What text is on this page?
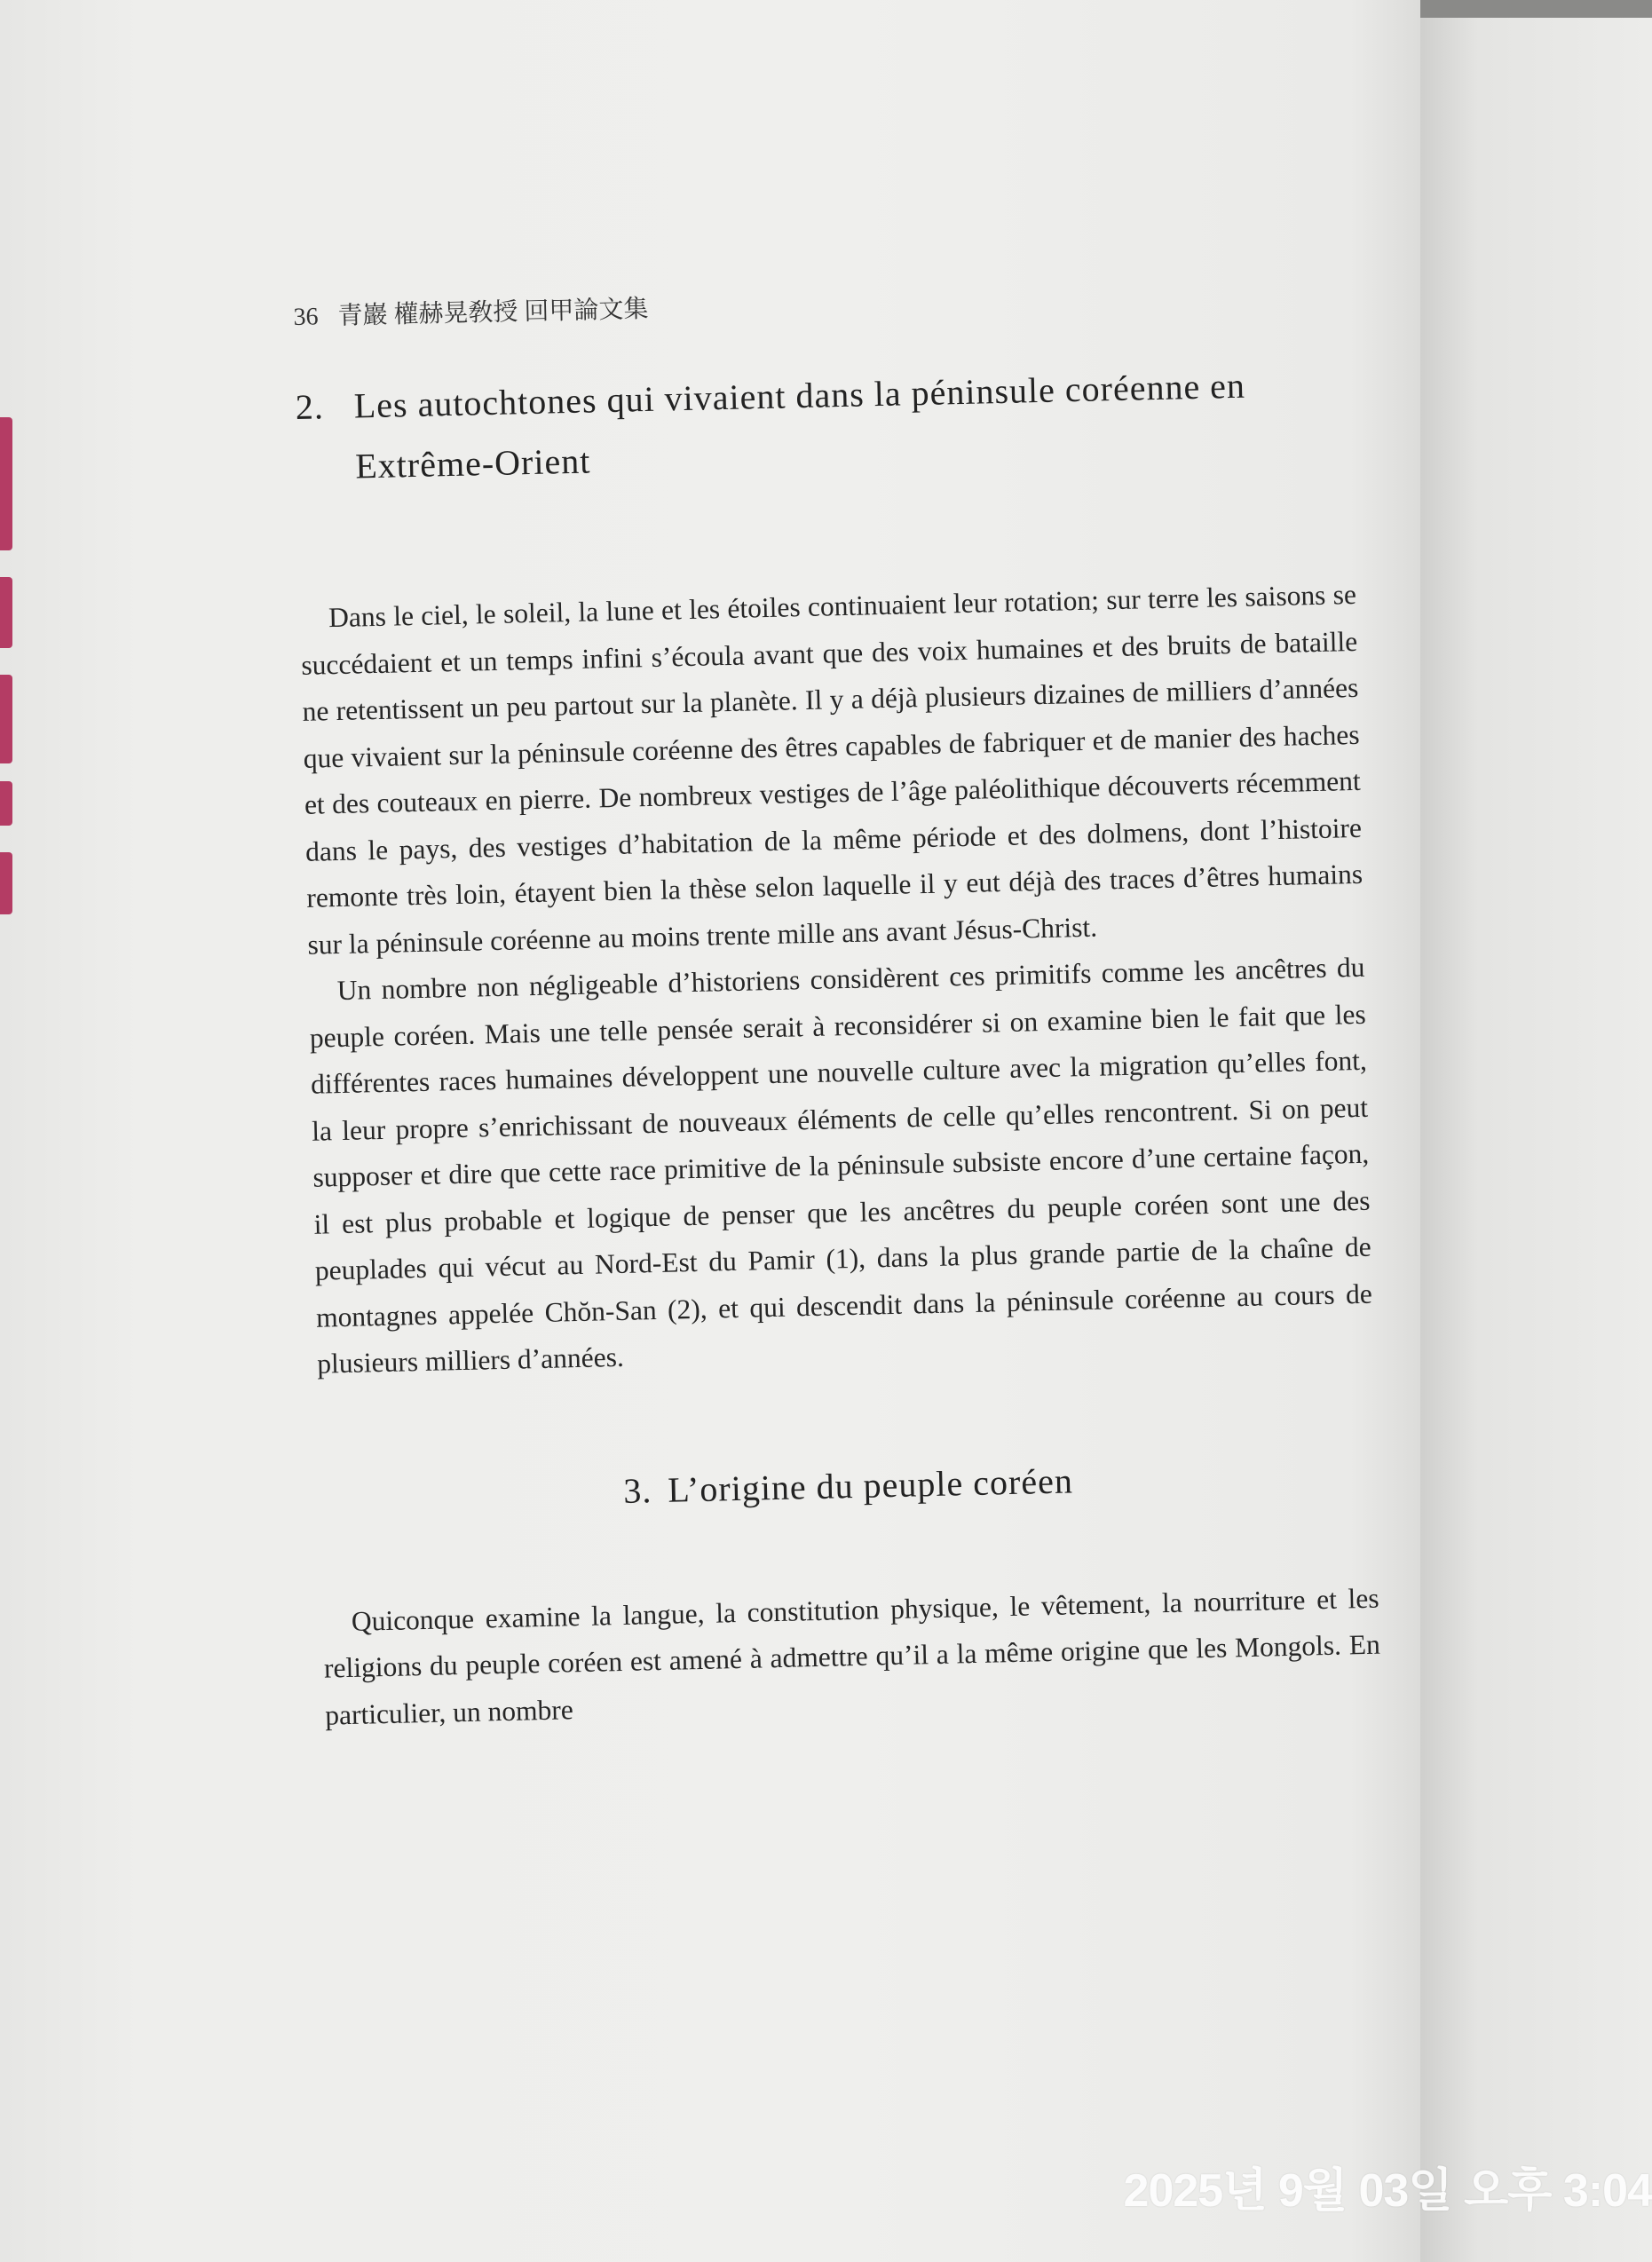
36 青巖 權赫晃敎授 回甲論文集
2. Les autochtones qui vivaient dans la péninsule coréenne en Extrême-Orient

Dans le ciel, le soleil, la lune et les étoiles continuaient leur rotation; sur terre les saisons se succédaient et un temps infini s’écoula avant que des voix humaines et des bruits de bataille ne retentissent un peu partout sur la planète. Il y a déjà plusieurs dizaines de milliers d’années que vivaient sur la péninsule coréenne des êtres capables de fabriquer et de manier des haches et des couteaux en pierre. De nombreux vestiges de l’âge paléolithique découverts récemment dans le pays, des vestiges d’habitation de la même période et des dolmens, dont l’histoire remonte très loin, étayent bien la thèse selon laquelle il y eut déjà des traces d’êtres humains sur la péninsule coréenne au moins trente mille ans avant Jésus-Christ.

Un nombre non négligeable d’historiens considèrent ces primitifs comme les ancêtres du peuple coréen. Mais une telle pensée serait à reconsidérer si on examine bien le fait que les différentes races humaines développent une nouvelle culture avec la migration qu’elles font, la leur propre s’enrichissant de nouveaux éléments de celle qu’elles rencontrent. Si on peut supposer et dire que cette race primitive de la péninsule subsiste encore d’une certaine façon, il est plus probable et logique de penser que les ancêtres du peuple coréen sont une des peuplades qui vécut au Nord-Est du Pamir (1), dans la plus grande partie de la chaîne de montagnes appelée Chŏn-San (2), et qui descendit dans la péninsule coréenne au cours de plusieurs milliers d’années.

3. L’origine du peuple coréen

Quiconque examine la langue, la constitution physique, le vêtement, la nourriture et les religions du peuple coréen est amené à admettre qu’il a la même origine que les Mongols. En particulier, un nombre

2025년 9월 03일 오후 3:04
